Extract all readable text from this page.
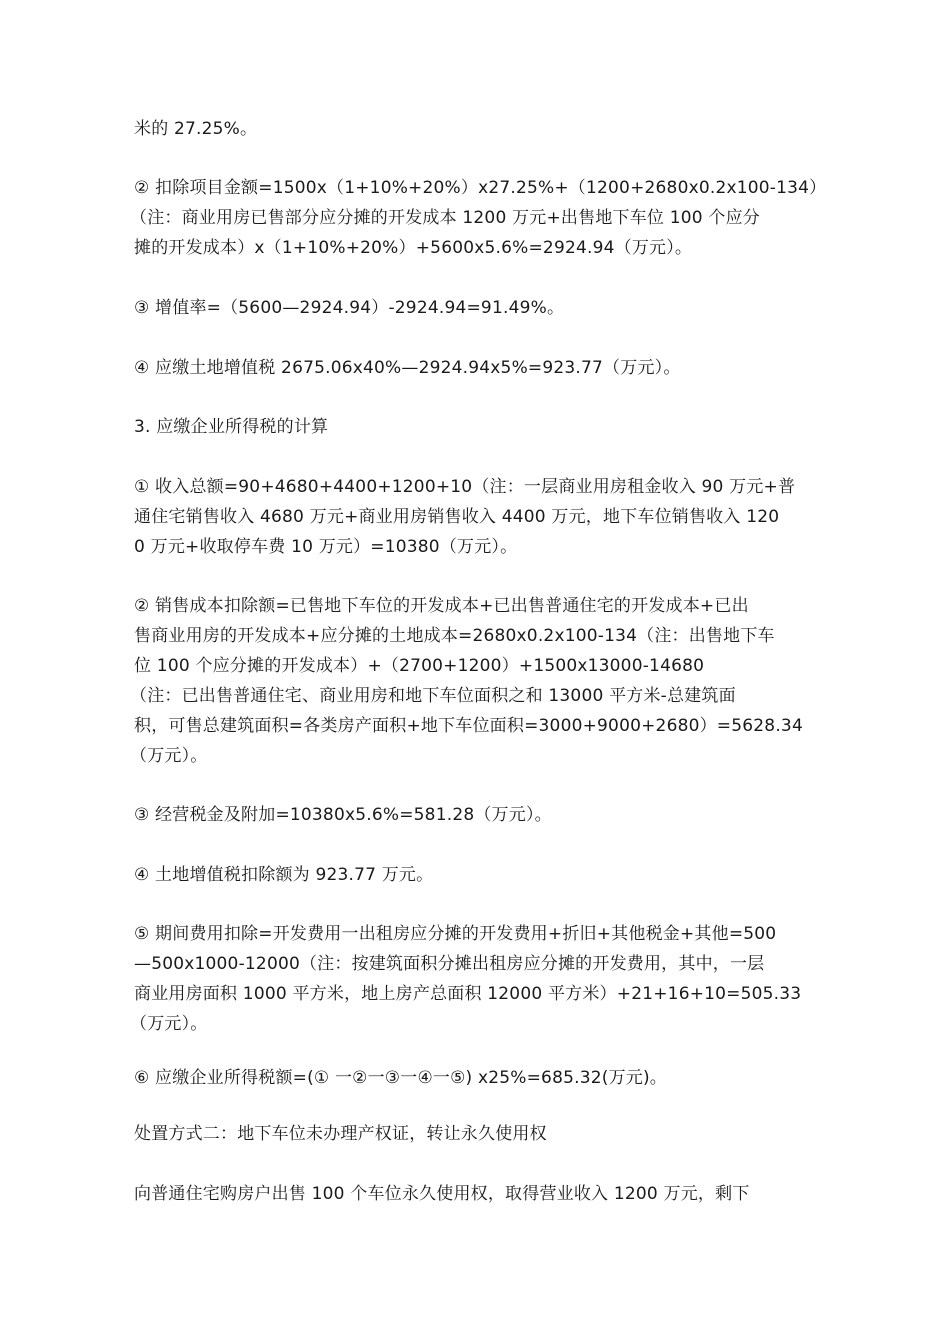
米的 27.25%。
② 扣除项目金额=1500x（1+10%+20%）x27.25%+（1200+2680x0.2x100-134）
（注：商业用房已售部分应分摊的开发成本 1200 万元+出售地下车位 100 个应分
摊的开发成本）x（1+10%+20%）+5600x5.6%=2924.94（万元）。
③ 增值率=（5600—2924.94）-2924.94=91.49%。
④ 应缴土地增值税 2675.06x40%—2924.94x5%=923.77（万元）。
3. 应缴企业所得税的计算
① 收入总额=90+4680+4400+1200+10（注：一层商业用房租金收入 90 万元+普
通住宅销售收入 4680 万元+商业用房销售收入 4400 万元，地下车位销售收入 120
0 万元+收取停车费 10 万元）=10380（万元）。
② 销售成本扣除额=已售地下车位的开发成本+已出售普通住宅的开发成本+已出
售商业用房的开发成本+应分摊的土地成本=2680x0.2x100-134（注：出售地下车
位 100 个应分摊的开发成本）+（2700+1200）+1500x13000-14680
（注：已出售普通住宅、商业用房和地下车位面积之和 13000 平方米-总建筑面
积，可售总建筑面积=各类房产面积+地下车位面积=3000+9000+2680）=5628.34
（万元）。
③ 经营税金及附加=10380x5.6%=581.28（万元）。
④ 土地增值税扣除额为 923.77 万元。
⑤ 期间费用扣除=开发费用一出租房应分摊的开发费用+折旧+其他税金+其他=500
—500x1000-12000（注：按建筑面积分摊出租房应分摊的开发费用，其中，一层
商业用房面积 1000 平方米，地上房产总面积 12000 平方米）+21+16+10=505.33
（万元）。
⑥ 应缴企业所得税额=(① 一②一③一④一⑤) x25%=685.32(万元)。
处置方式二：地下车位未办理产权证，转让永久使用权
向普通住宅购房户出售 100 个车位永久使用权，取得营业收入 1200 万元，剩下
